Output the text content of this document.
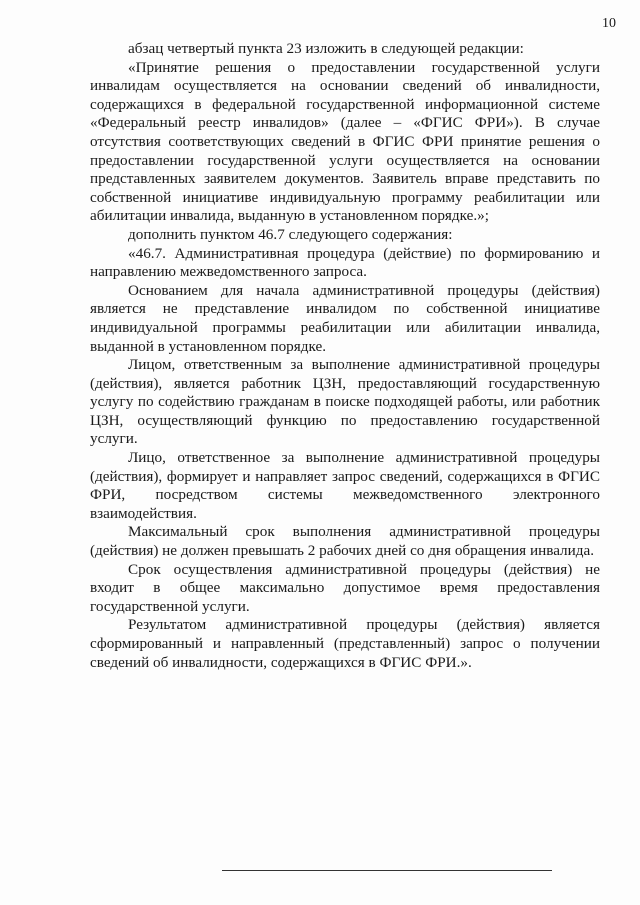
10

абзац четвертый пункта 23 изложить в следующей редакции:

«Принятие решения о предоставлении государственной услуги инвалидам осуществляется на основании сведений об инвалидности, содержащихся в федеральной государственной информационной системе «Федеральный реестр инвалидов» (далее – «ФГИС ФРИ»). В случае отсутствия соответствующих сведений в ФГИС ФРИ принятие решения о предоставлении государственной услуги осуществляется на основании представленных заявителем документов. Заявитель вправе представить по собственной инициативе индивидуальную программу реабилитации или абилитации инвалида, выданную в установленном порядке.»;

дополнить пунктом 46.7 следующего содержания:

«46.7. Административная процедура (действие) по формированию и направлению межведомственного запроса.

Основанием для начала административной процедуры (действия) является не представление инвалидом по собственной инициативе индивидуальной программы реабилитации или абилитации инвалида, выданной в установленном порядке.

Лицом, ответственным за выполнение административной процедуры (действия), является работник ЦЗН, предоставляющий государственную услугу по содействию гражданам в поиске подходящей работы, или работник ЦЗН, осуществляющий функцию по предоставлению государственной услуги.

Лицо, ответственное за выполнение административной процедуры (действия), формирует и направляет запрос сведений, содержащихся в ФГИС ФРИ, посредством системы межведомственного электронного взаимодействия.

Максимальный срок выполнения административной процедуры (действия) не должен превышать 2 рабочих дней со дня обращения инвалида.

Срок осуществления административной процедуры (действия) не входит в общее максимально допустимое время предоставления государственной услуги.

Результатом административной процедуры (действия) является сформированный и направленный (представленный) запрос о получении сведений об инвалидности, содержащихся в ФГИС ФРИ.».
